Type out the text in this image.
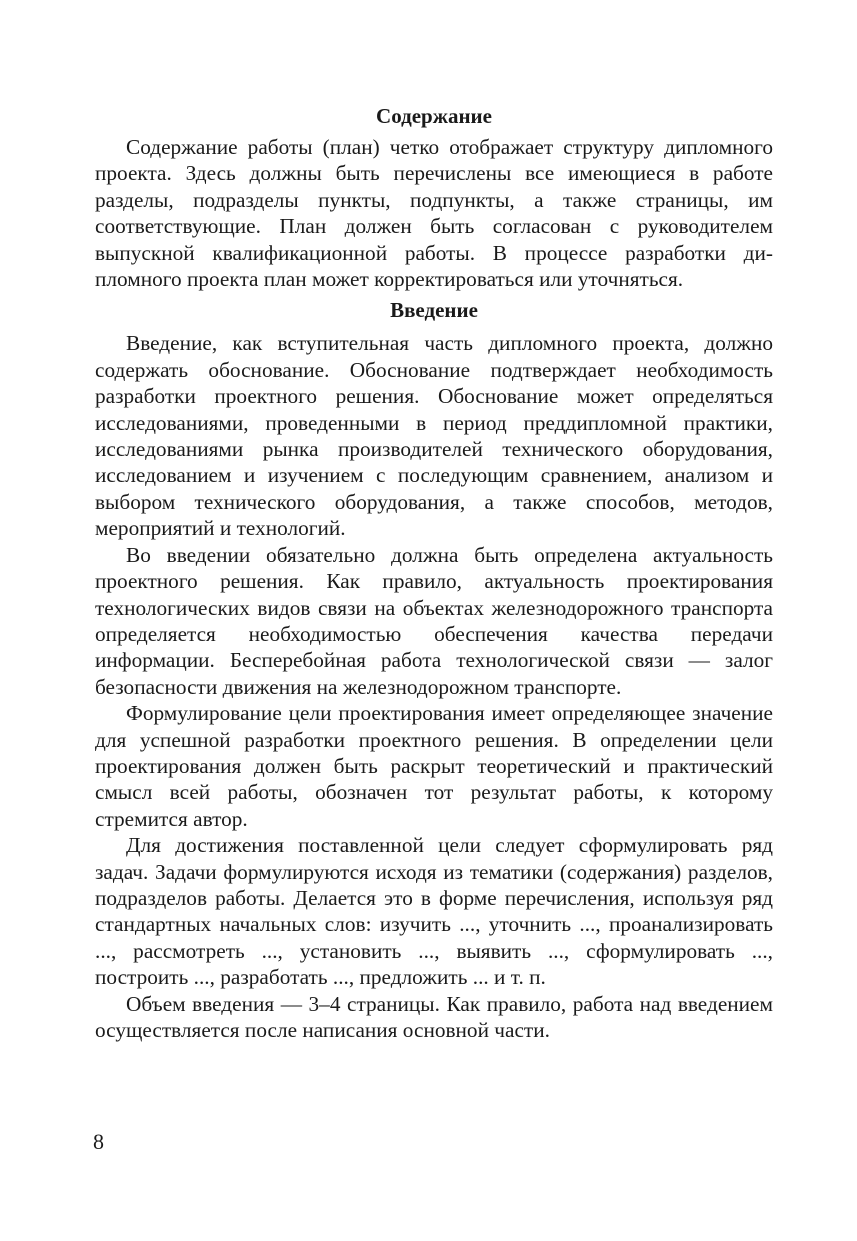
Содержание

Содержание работы (план) четко отображает структуру дипломного проекта. Здесь должны быть перечислены все имеющиеся в работе разделы, подразделы пункты, подпункты, а также страницы, им соответствующие. План должен быть согласован с руководителем выпускной квалификационной работы. В процессе разработки дипломного проекта план может корректироваться или уточняться.

Введение

Введение, как вступительная часть дипломного проекта, должно содержать обоснование. Обоснование подтверждает необходимость разработки проектного решения. Обоснование может определяться исследованиями, проведенными в период преддипломной практики, исследованиями рынка производителей технического оборудования, исследованием и изучением с последующим сравнением, анализом и выбором технического оборудования, а также способов, методов, мероприятий и технологий.

Во введении обязательно должна быть определена актуальность проектного решения. Как правило, актуальность проектирования технологических видов связи на объектах железнодорожного транспорта определяется необходимостью обеспечения качества передачи информации. Бесперебойная работа технологической связи — залог безопасности движения на железнодорожном транспорте.

Формулирование цели проектирования имеет определяющее значение для успешной разработки проектного решения. В определении цели проектирования должен быть раскрыт теоретический и практический смысл всей работы, обозначен тот результат работы, к которому стремится автор.

Для достижения поставленной цели следует сформулировать ряд задач. Задачи формулируются исходя из тематики (содержания) разделов, подразделов работы. Делается это в форме перечисления, используя ряд стандартных начальных слов: изучить ..., уточнить ..., проанализировать ..., рассмотреть ..., установить ..., выявить ..., сформулировать ..., построить ..., разработать ..., предложить ... и т. п.

Объем введения — 3–4 страницы. Как правило, работа над введением осуществляется после написания основной части.

8
